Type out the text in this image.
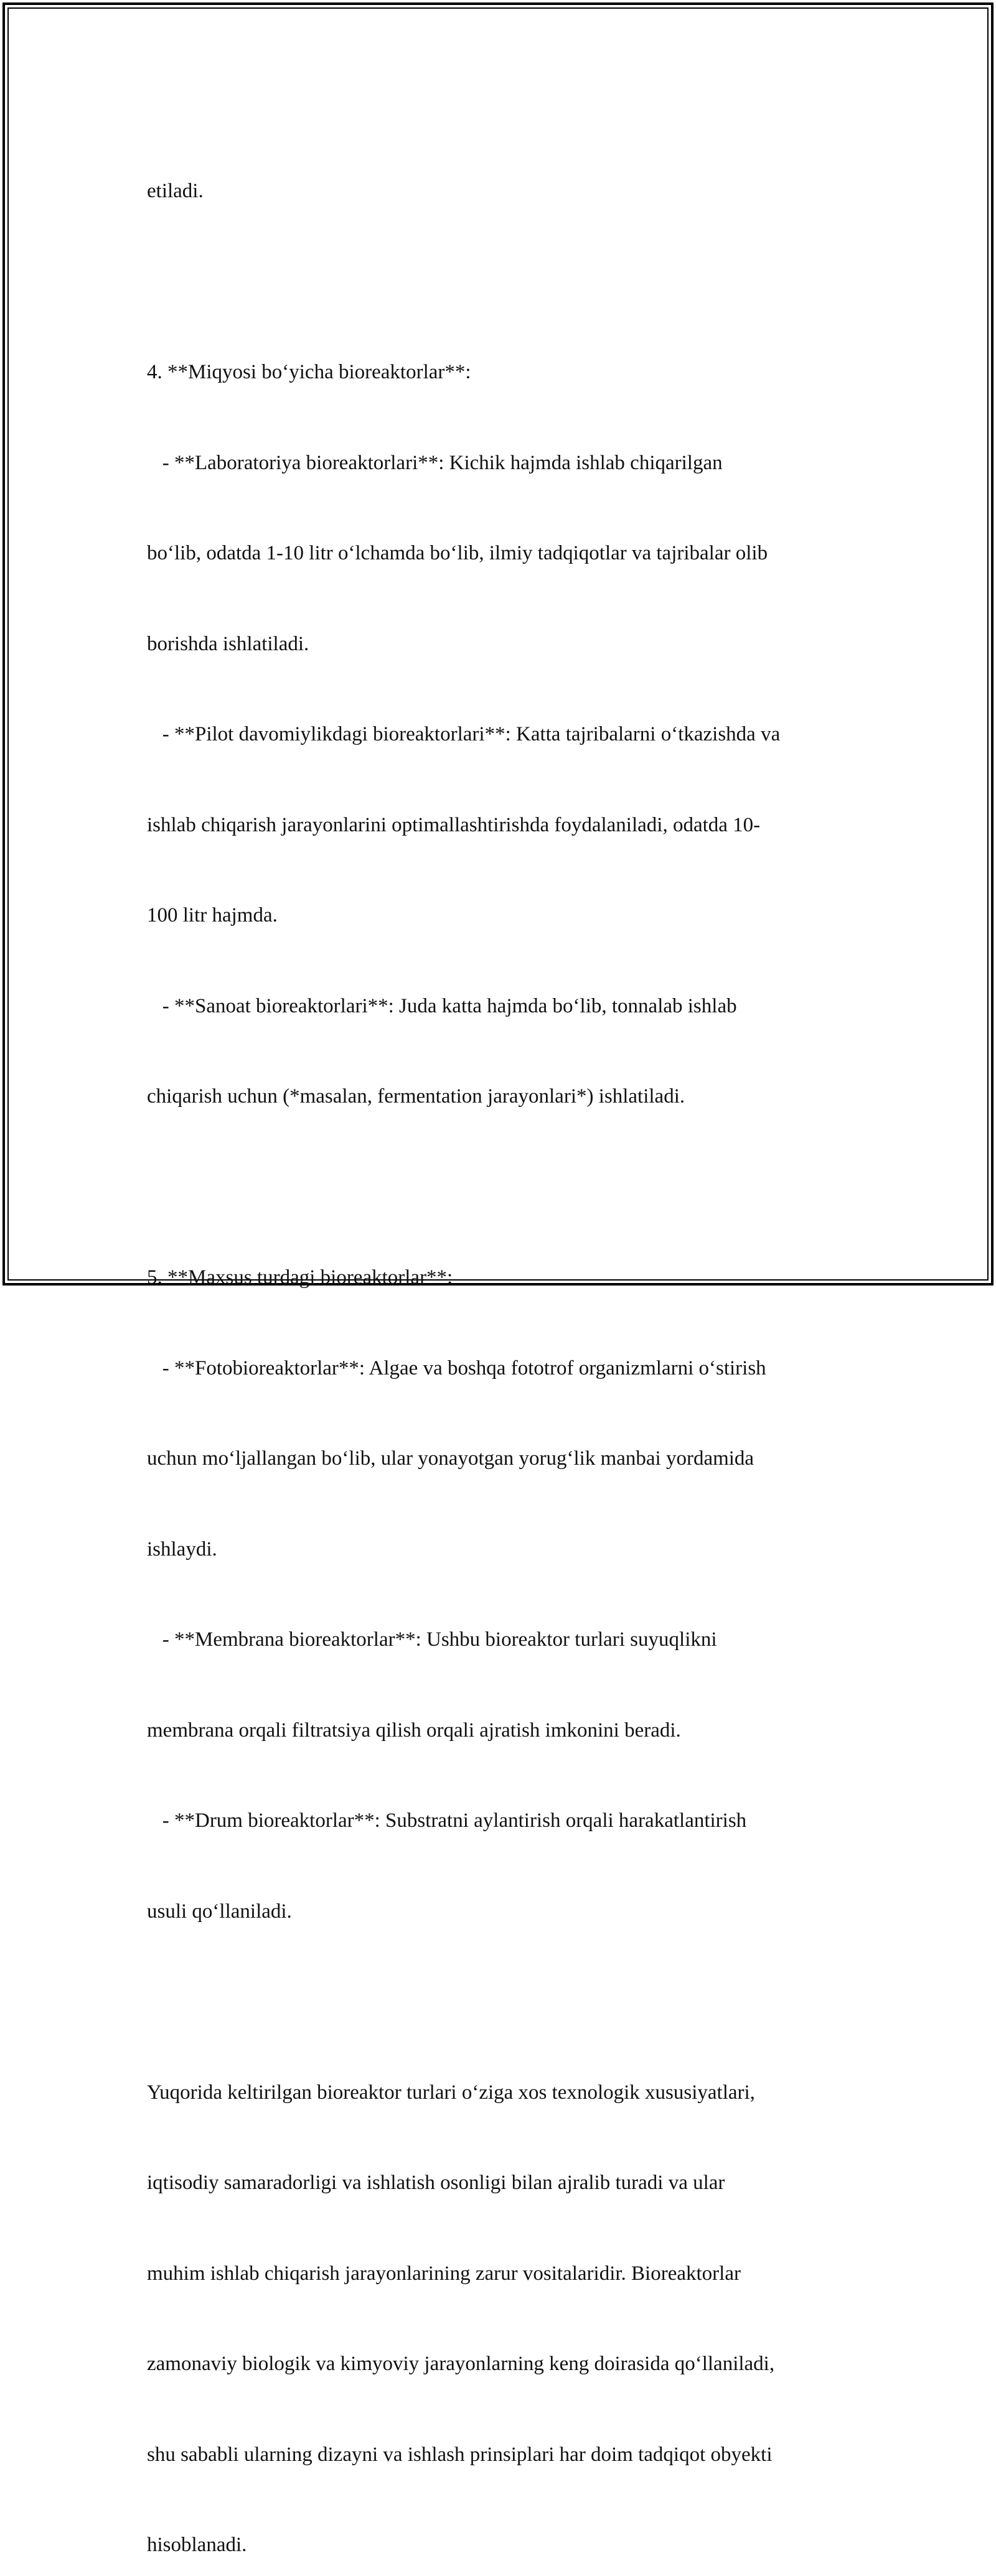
etiladi.

4. **Miqyosi bo‘yicha bioreaktorlar**:

- **Laboratoriya bioreaktorlari**: Kichik hajmda ishlab chiqarilgan

bo‘lib, odatda 1-10 litr o‘lchamda bo‘lib, ilmiy tadqiqotlar va tajribalar olib

borishda ishlatiladi.

- **Pilot davomiylikdagi bioreaktorlari**: Katta tajribalarni o‘tkazishda va

ishlab chiqarish jarayonlarini optimallashtirishda foydalaniladi, odatda 10-

100 litr hajmda.

- **Sanoat bioreaktorlari**: Juda katta hajmda bo‘lib, tonnalab ishlab

chiqarish uchun (*masalan, fermentation jarayonlari*) ishlatiladi.

5. **Maxsus turdagi bioreaktorlar**:

- **Fotobioreaktorlar**: Algae va boshqa fototrof organizmlarni o‘stirish

uchun mo‘ljallangan bo‘lib, ular yonayotgan yorug‘lik manbai yordamida

ishlaydi.

- **Membrana bioreaktorlar**: Ushbu bioreaktor turlari suyuqlikni

membrana orqali filtratsiya qilish orqali ajratish imkonini beradi.

- **Drum bioreaktorlar**: Substratni aylantirish orqali harakatlantirish

usuli qo‘llaniladi.

Yuqorida keltirilgan bioreaktor turlari o‘ziga xos texnologik xususiyatlari,

iqtisodiy samaradorligi va ishlatish osonligi bilan ajralib turadi va ular

muhim ishlab chiqarish jarayonlarining zarur vositalaridir. Bioreaktorlar

zamonaviy biologik va kimyoviy jarayonlarning keng doirasida qo‘llaniladi,

shu sababli ularning dizayni va ishlash prinsiplari har doim tadqiqot obyekti

hisoblanadi.
